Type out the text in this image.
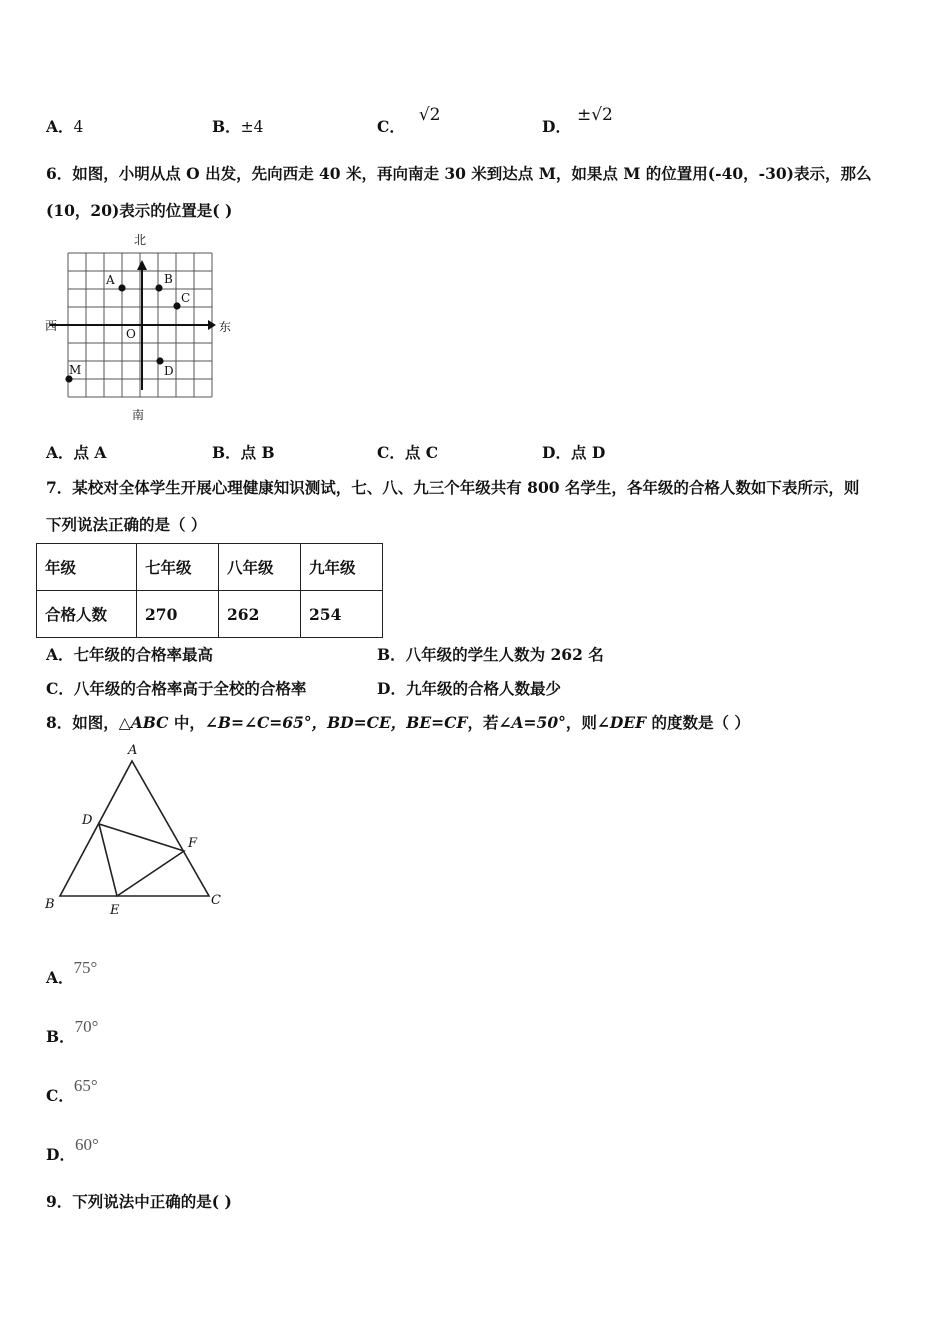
A．4	B．±4	C．√2
D．±√2
6．如图，小明从点 O 出发，先向西走 40 米，再向南走 30 米到达点 M，如果点 M 的位置用(-40，-30)表示，那么
(10，20)表示的位置是( )
北
南
西	东
A	B
C
D
M
O
A．点 A	B．点 B	C．点 C	D．点 D
7．某校对全体学生开展心理健康知识测试，七、八、九三个年级共有 800 名学生，各年级的合格人数如下表所示，则
下列说法正确的是（ ）
年级	七年级	八年级	九年级
合格人数	270	262	254
A．七年级的合格率最高	B．八年级的学生人数为 262 名
C．八年级的合格率高于全校的合格率	D．九年级的合格人数最少
8．如图，△ABC 中，∠B=∠C=65°，BD=CE，BE=CF，若∠A=50°，则∠DEF 的度数是（ ）
A
B	C
D
E
F
A．75°
B．70°
C．65°
D．60°
9．下列说法中正确的是( )
